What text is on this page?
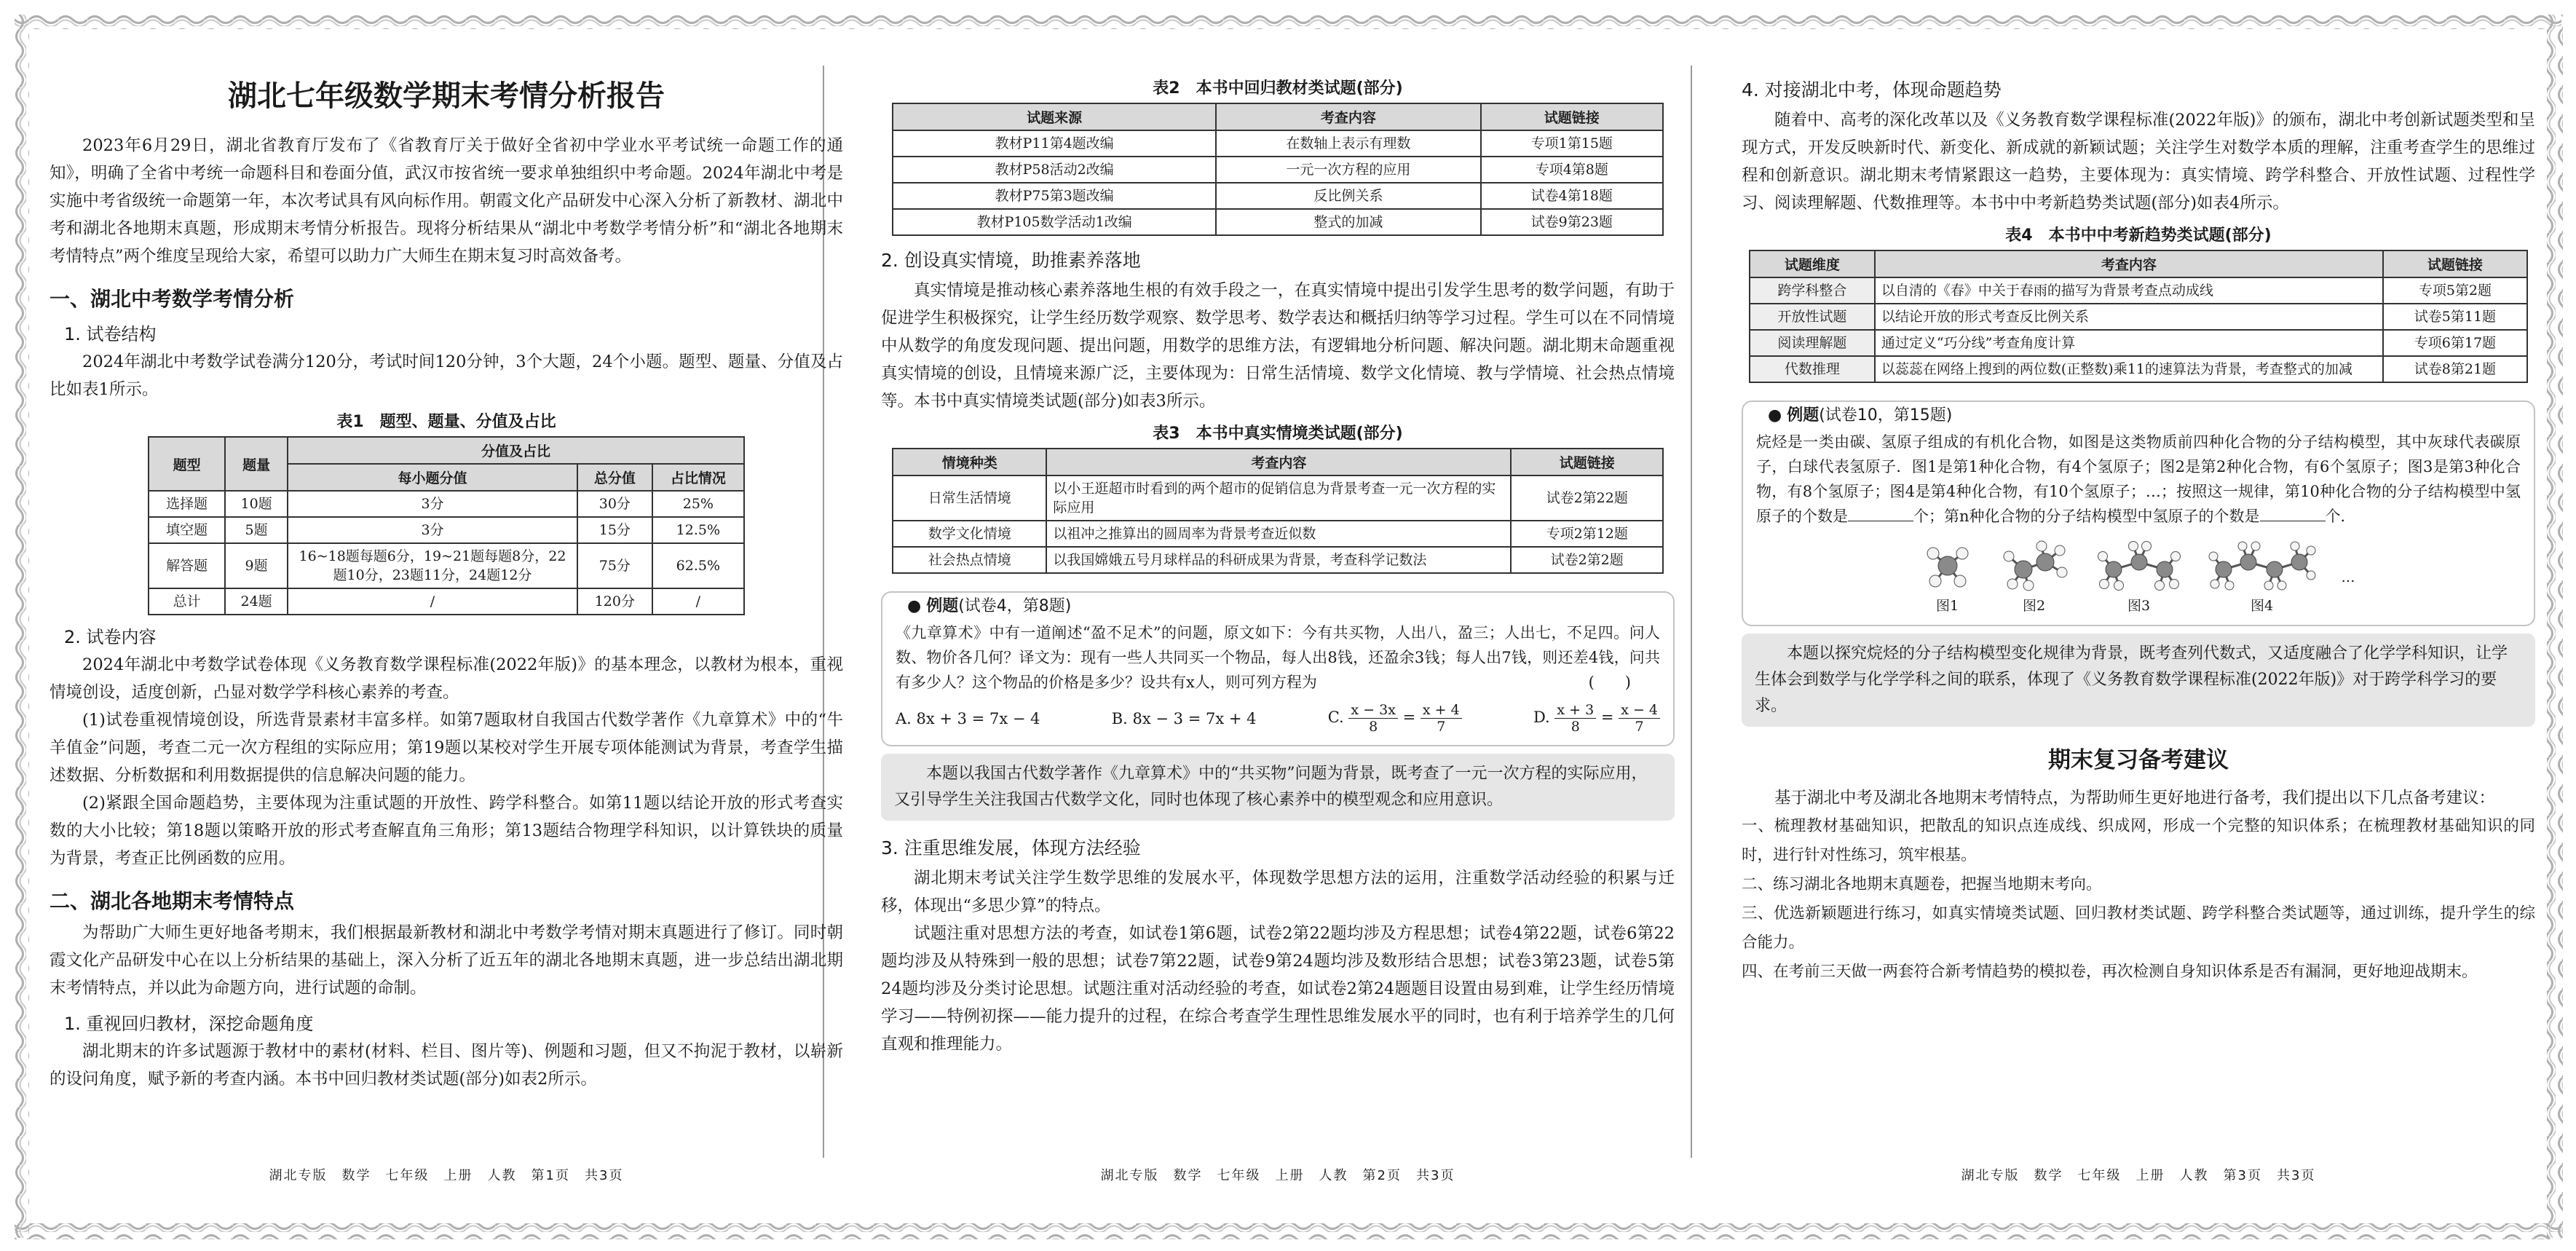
湖北七年级数学期末考情分析报告

2023年6月29日，湖北省教育厅发布了《省教育厅关于做好全省初中学业水平考试统一命题工作的通知》，明确了全省中考统一命题科目和卷面分值，武汉市按省统一要求单独组织中考命题。2024年湖北中考是实施中考省级统一命题第一年，本次考试具有风向标作用。朝霞文化产品研发中心深入分析了新教材、湖北中考和湖北各地期末真题，形成期末考情分析报告。现将分析结果从“湖北中考数学考情分析”和“湖北各地期末考情特点”两个维度呈现给大家，希望可以助力广大师生在期末复习时高效备考。

一、湖北中考数学考情分析
1. 试卷结构

2024年湖北中考数学试卷满分120分，考试时间120分钟，3个大题，24个小题。题型、题量、分值及占比如表1所示。

表1　题型、题量、分值及占比
题型	题量	分值及占比		
		每小题分值	总分值	占比情况
选择题	10题	3分	30分	25%
填空题	5题	3分	15分	12.5%
解答题	9题	16~18题每题6分，19~21题每题8分，22题10分，23题11分，24题12分	75分	62.5%
总计	24题	/	120分	/
2. 试卷内容

2024年湖北中考数学试卷体现《义务教育数学课程标准(2022年版)》的基本理念，以教材为根本，重视情境创设，适度创新，凸显对数学学科核心素养的考查。

(1)试卷重视情境创设，所选背景素材丰富多样。如第7题取材自我国古代数学著作《九章算术》中的“牛羊值金”问题，考查二元一次方程组的实际应用；第19题以某校对学生开展专项体能测试为背景，考查学生描述数据、分析数据和利用数据提供的信息解决问题的能力。

(2)紧跟全国命题趋势，主要体现为注重试题的开放性、跨学科整合。如第11题以结论开放的形式考查实数的大小比较；第18题以策略开放的形式考查解直角三角形；第13题结合物理学科知识，以计算铁块的质量为背景，考查正比例函数的应用。

二、湖北各地期末考情特点

为帮助广大师生更好地备考期末，我们根据最新教材和湖北中考数学考情对期末真题进行了修订。同时朝霞文化产品研发中心在以上分析结果的基础上，深入分析了近五年的湖北各地期末真题，进一步总结出湖北期末考情特点，并以此为命题方向，进行试题的命制。

1. 重视回归教材，深挖命题角度

湖北期末的许多试题源于教材中的素材(材料、栏目、图片等)、例题和习题，但又不拘泥于教材，以崭新的设问角度，赋予新的考查内涵。本书中回归教材类试题(部分)如表2所示。

湖北专版　数学　七年级　上册　人教　第1页　共3页
表2　本书中回归教材类试题(部分)
试题来源	考查内容	试题链接
教材P11第4题改编	在数轴上表示有理数	专项1第15题
教材P58活动2改编	一元一次方程的应用	专项4第8题
教材P75第3题改编	反比例关系	试卷4第18题
教材P105数学活动1改编	整式的加减	试卷9第23题
2. 创设真实情境，助推素养落地

真实情境是推动核心素养落地生根的有效手段之一，在真实情境中提出引发学生思考的数学问题，有助于促进学生积极探究，让学生经历数学观察、数学思考、数学表达和概括归纳等学习过程。学生可以在不同情境中从数学的角度发现问题、提出问题，用数学的思维方法，有逻辑地分析问题、解决问题。湖北期末命题重视真实情境的创设，且情境来源广泛，主要体现为：日常生活情境、数学文化情境、教与学情境、社会热点情境等。本书中真实情境类试题(部分)如表3所示。

表3　本书中真实情境类试题(部分)
情境种类	考查内容	试题链接
日常生活情境	以小王逛超市时看到的两个超市的促销信息为背景考查一元一次方程的实际应用	试卷2第22题
数学文化情境	以祖冲之推算出的圆周率为背景考查近似数	专项2第12题
社会热点情境	以我国嫦娥五号月球样品的科研成果为背景，考查科学记数法	试卷2第2题
● 例题(试卷4，第8题)
《九章算术》中有一道阐述“盈不足术”的问题，原文如下：今有共买物，人出八，盈三；人出七，不足四。问人数、物价各几何？译文为：现有一些人共同买一个物品，每人出8钱，还盈余3钱；每人出7钱，则还差4钱，问共有多少人？这个物品的价格是多少？设共有x人，则可列方程为	(　　)
A. 8x + 3 = 7x − 4	B. 8x − 3 = 7x + 4	C. $\frac{x - 3x}{8} = \frac{x + 4}{7}$	D. $\frac{x + 3}{8} = \frac{x - 4}{7}$
本题以我国古代数学著作《九章算术》中的“共买物”问题为背景，既考查了一元一次方程的实际应用，又引导学生关注我国古代数学文化，同时也体现了核心素养中的模型观念和应用意识。
3. 注重思维发展，体现方法经验

湖北期末考试关注学生数学思维的发展水平，体现数学思想方法的运用，注重数学活动经验的积累与迁移，体现出“多思少算”的特点。

试题注重对思想方法的考查，如试卷1第6题，试卷2第22题均涉及方程思想；试卷4第22题，试卷6第22题均涉及从特殊到一般的思想；试卷7第22题，试卷9第24题均涉及数形结合思想；试卷3第23题，试卷5第24题均涉及分类讨论思想。试题注重对活动经验的考查，如试卷2第24题题目设置由易到难，让学生经历情境学习——特例初探——能力提升的过程，在综合考查学生理性思维发展水平的同时，也有利于培养学生的几何直观和推理能力。

湖北专版　数学　七年级　上册　人教　第2页　共3页
4. 对接湖北中考，体现命题趋势

随着中、高考的深化改革以及《义务教育数学课程标准(2022年版)》的颁布，湖北中考创新试题类型和呈现方式，开发反映新时代、新变化、新成就的新颖试题；关注学生对数学本质的理解，注重考查学生的思维过程和创新意识。湖北期末考情紧跟这一趋势，主要体现为：真实情境、跨学科整合、开放性试题、过程性学习、阅读理解题、代数推理等。本书中中考新趋势类试题(部分)如表4所示。

表4　本书中中考新趋势类试题(部分)
试题维度	考查内容	试题链接
跨学科整合	以自清的《春》中关于春雨的描写为背景考查点动成线	专项5第2题
开放性试题	以结论开放的形式考查反比例关系	试卷5第11题
阅读理解题	通过定义“巧分线”考查角度计算	专项6第17题
代数推理	以蕊蕊在网络上搜到的两位数(正整数)乘11的速算法为背景，考查整式的加减	试卷8第21题
● 例题(试卷10，第15题)
烷烃是一类由碳、氢原子组成的有机化合物，如图是这类物质前四种化合物的分子结构模型，其中灰球代表碳原子，白球代表氢原子．图1是第1种化合物，有4个氢原子；图2是第2种化合物，有6个氢原子；图3是第3种化合物，有8个氢原子；图4是第4种化合物，有10个氢原子；…；按照这一规律，第10种化合物的分子结构模型中氢原子的个数是	个；第n种化合物的分子结构模型中氢原子的个数是	个．
图1	图2	图3	图4
…
本题以探究烷烃的分子结构模型变化规律为背景，既考查列代数式，又适度融合了化学学科知识，让学生体会到数学与化学学科之间的联系，体现了《义务教育数学课程标准(2022年版)》对于跨学科学习的要求。
期末复习备考建议

基于湖北中考及湖北各地期末考情特点，为帮助师生更好地进行备考，我们提出以下几点备考建议：

一、梳理教材基础知识，把散乱的知识点连成线、织成网，形成一个完整的知识体系；在梳理教材基础知识的同时，进行针对性练习，筑牢根基。

二、练习湖北各地期末真题卷，把握当地期末考向。

三、优选新颖题进行练习，如真实情境类试题、回归教材类试题、跨学科整合类试题等，通过训练，提升学生的综合能力。

四、在考前三天做一两套符合新考情趋势的模拟卷，再次检测自身知识体系是否有漏洞，更好地迎战期末。

湖北专版　数学　七年级　上册　人教　第3页　共3页
